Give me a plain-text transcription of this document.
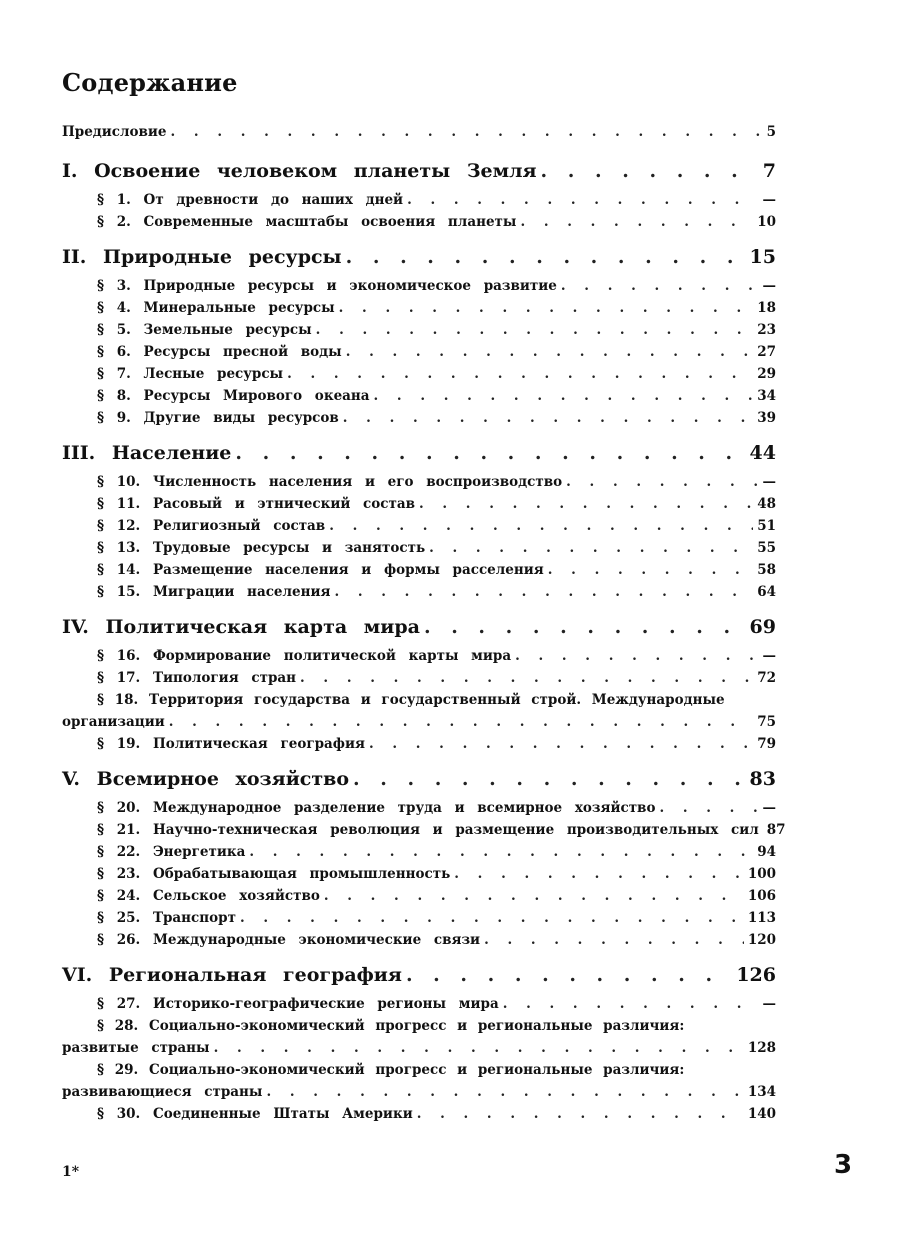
Содержание
Предисловие . . .	5
I. Освоение человеком планеты Земля . . .	7
§ 1. От древности до наших дней . . .	—
§ 2. Современные масштабы освоения планеты . . .	10
II. Природные ресурсы . . .	15
§ 3. Природные ресурсы и экономическое развитие . . .	—
§ 4. Минеральные ресурсы . . .	18
§ 5. Земельные ресурсы . . .	23
§ 6. Ресурсы пресной воды . . .	27
§ 7. Лесные ресурсы . . .	29
§ 8. Ресурсы Мирового океана . . .	34
§ 9. Другие виды ресурсов . . .	39
III. Население . . .	44
§ 10. Численность населения и его воспроизводство . . .	—
§ 11. Расовый и этнический состав . . .	48
§ 12. Религиозный состав . . .	51
§ 13. Трудовые ресурсы и занятость . . .	55
§ 14. Размещение населения и формы расселения . . .	58
§ 15. Миграции населения . . .	64
IV. Политическая карта мира . . .	69
§ 16. Формирование политической карты мира . . .	—
§ 17. Типология стран . . .	72
§ 18. Территория государства и государственный строй. Международные
организации . . .	75
§ 19. Политическая география . . .	79
V. Всемирное хозяйство . . .	83
§ 20. Международное разделение труда и всемирное хозяйство . . .	—
§ 21. Научно-техническая революция и размещение производительных сил 87
§ 22. Энергетика . . .	94
§ 23. Обрабатывающая промышленность . . .	100
§ 24. Сельское хозяйство . . .	106
§ 25. Транспорт . . .	113
§ 26. Международные экономические связи . . .	120
VI. Региональная география . . .	126
§ 27. Историко-географические регионы мира . . .	—
§ 28. Социально-экономический прогресс и региональные различия:
развитые страны . . .	128
§ 29. Социально-экономический прогресс и региональные различия:
развивающиеся страны . . .	134
§ 30. Соединенные Штаты Америки . . .	140
1*	3
